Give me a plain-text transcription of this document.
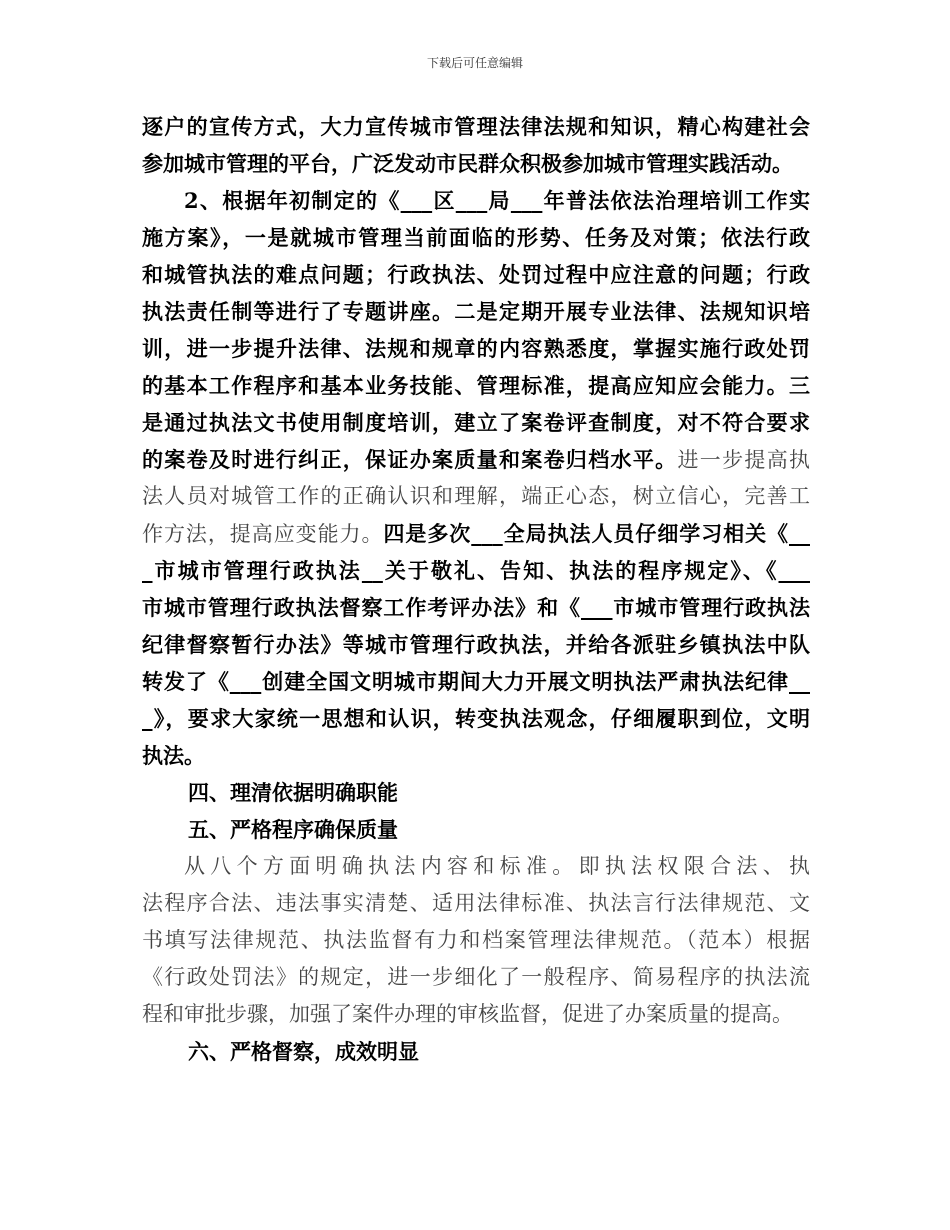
下载后可任意编辑
逐户的宣传方式，大力宣传城市管理法律法规和知识，精心构建社会
参加城市管理的平台，广泛发动市民群众积极参加城市管理实践活动。
2、根据年初制定的《___区___局___年普法依法治理培训工作实
施方案》，一是就城市管理当前面临的形势、任务及对策；依法行政
和城管执法的难点问题；行政执法、处罚过程中应注意的问题；行政
执法责任制等进行了专题讲座。二是定期开展专业法律、法规知识培
训，进一步提升法律、法规和规章的内容熟悉度，掌握实施行政处罚
的基本工作程序和基本业务技能、管理标准，提高应知应会能力。三
是通过执法文书使用制度培训，建立了案卷评查制度，对不符合要求
的案卷及时进行纠正，保证办案质量和案卷归档水平。进一步提高执
法人员对城管工作的正确认识和理解，端正心态，树立信心，完善工
作方法，提高应变能力。四是多次___全局执法人员仔细学习相关《__
_市城市管理行政执法__关于敬礼、告知、执法的程序规定》、《___
市城市管理行政执法督察工作考评办法》和《___市城市管理行政执法
纪律督察暂行办法》等城市管理行政执法，并给各派驻乡镇执法中队
转发了《___创建全国文明城市期间大力开展文明执法严肃执法纪律__
_》，要求大家统一思想和认识，转变执法观念，仔细履职到位，文明
执法。
四、理清依据明确职能
五、严格程序确保质量
从八个方面明确执法内容和标准。即执法权限合法、执
法程序合法、违法事实清楚、适用法律标准、执法言行法律规范、文
书填写法律规范、执法监督有力和档案管理法律规范。（范本）根据
《行政处罚法》的规定，进一步细化了一般程序、简易程序的执法流
程和审批步骤，加强了案件办理的审核监督，促进了办案质量的提高。
六、严格督察，成效明显
